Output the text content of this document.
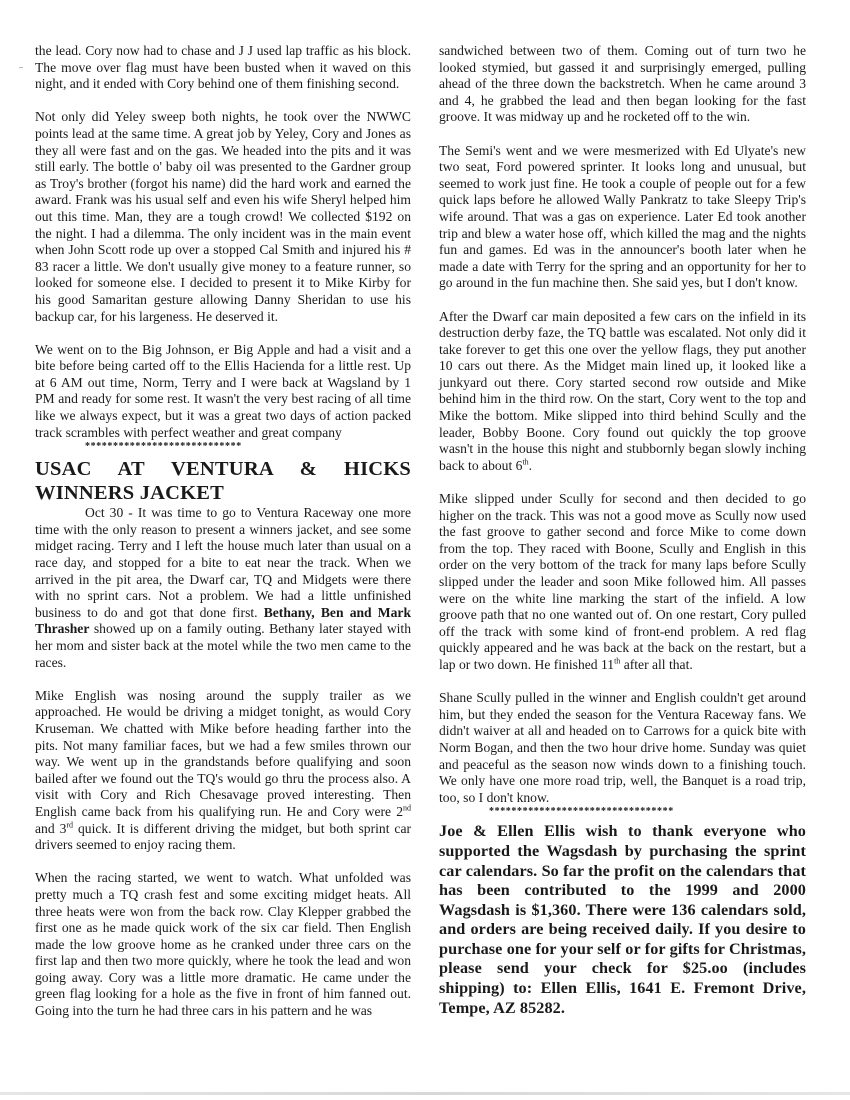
the lead. Cory now had to chase and J J used lap traffic as his block. The move over flag must have been busted when it waved on this night, and it ended with Cory behind one of them finishing second.

Not only did Yeley sweep both nights, he took over the NWWC points lead at the same time. A great job by Yeley, Cory and Jones as they all were fast and on the gas. We headed into the pits and it was still early. The bottle o' baby oil was presented to the Gardner group as Troy's brother (forgot his name) did the hard work and earned the award. Frank was his usual self and even his wife Sheryl helped him out this time. Man, they are a tough crowd! We collected $192 on the night. I had a dilemma. The only incident was in the main event when John Scott rode up over a stopped Cal Smith and injured his # 83 racer a little. We don't usually give money to a feature runner, so looked for someone else. I decided to present it to Mike Kirby for his good Samaritan gesture allowing Danny Sheridan to use his backup car, for his largeness. He deserved it.

We went on to the Big Johnson, er Big Apple and had a visit and a bite before being carted off to the Ellis Hacienda for a little rest. Up at 6 AM out time, Norm, Terry and I were back at Wagsland by 1 PM and ready for some rest. It wasn't the very best racing of all time like we always expect, but it was a great two days of action packed track scrambles with perfect weather and great company

****************************
USAC AT VENTURA & HICKS WINNERS JACKET

Oct 30 - It was time to go to Ventura Raceway one more time with the only reason to present a winners jacket, and see some midget racing. Terry and I left the house much later than usual on a race day, and stopped for a bite to eat near the track. When we arrived in the pit area, the Dwarf car, TQ and Midgets were there with no sprint cars. Not a problem. We had a little unfinished business to do and got that done first. Bethany, Ben and Mark Thrasher showed up on a family outing. Bethany later stayed with her mom and sister back at the motel while the two men came to the races.

Mike English was nosing around the supply trailer as we approached. He would be driving a midget tonight, as would Cory Kruseman. We chatted with Mike before heading farther into the pits. Not many familiar faces, but we had a few smiles thrown our way. We went up in the grandstands before qualifying and soon bailed after we found out the TQ's would go thru the process also. A visit with Cory and Rich Chesavage proved interesting. Then English came back from his qualifying run. He and Cory were 2nd and 3rd quick. It is different driving the midget, but both sprint car drivers seemed to enjoy racing them.

When the racing started, we went to watch. What unfolded was pretty much a TQ crash fest and some exciting midget heats. All three heats were won from the back row. Clay Klepper grabbed the first one as he made quick work of the six car field. Then English made the low groove home as he cranked under three cars on the first lap and then two more quickly, where he took the lead and won going away. Cory was a little more dramatic. He came under the green flag looking for a hole as the five in front of him fanned out. Going into the turn he had three cars in his pattern and he was

sandwiched between two of them. Coming out of turn two he looked stymied, but gassed it and surprisingly emerged, pulling ahead of the three down the backstretch. When he came around 3 and 4, he grabbed the lead and then began looking for the fast groove. It was midway up and he rocketed off to the win.

The Semi's went and we were mesmerized with Ed Ulyate's new two seat, Ford powered sprinter. It looks long and unusual, but seemed to work just fine. He took a couple of people out for a few quick laps before he allowed Wally Pankratz to take Sleepy Trip's wife around. That was a gas on experience. Later Ed took another trip and blew a water hose off, which killed the mag and the nights fun and games. Ed was in the announcer's booth later when he made a date with Terry for the spring and an opportunity for her to go around in the fun machine then. She said yes, but I don't know.

After the Dwarf car main deposited a few cars on the infield in its destruction derby faze, the TQ battle was escalated. Not only did it take forever to get this one over the yellow flags, they put another 10 cars out there. As the Midget main lined up, it looked like a junkyard out there. Cory started second row outside and Mike behind him in the third row. On the start, Cory went to the top and Mike the bottom. Mike slipped into third behind Scully and the leader, Bobby Boone. Cory found out quickly the top groove wasn't in the house this night and stubbornly began slowly inching back to about 6th.

Mike slipped under Scully for second and then decided to go higher on the track. This was not a good move as Scully now used the fast groove to gather second and force Mike to come down from the top. They raced with Boone, Scully and English in this order on the very bottom of the track for many laps before Scully slipped under the leader and soon Mike followed him. All passes were on the white line marking the start of the infield. A low groove path that no one wanted out of. On one restart, Cory pulled off the track with some kind of front-end problem. A red flag quickly appeared and he was back at the back on the restart, but a lap or two down. He finished 11th after all that.

Shane Scully pulled in the winner and English couldn't get around him, but they ended the season for the Ventura Raceway fans. We didn't waiver at all and headed on to Carrows for a quick bite with Norm Bogan, and then the two hour drive home. Sunday was quiet and peaceful as the season now winds down to a finishing touch. We only have one more road trip, well, the Banquet is a road trip, too, so I don't know.

*********************************
Joe & Ellen Ellis wish to thank everyone who supported the Wagsdash by purchasing the sprint car calendars. So far the profit on the calendars that has been contributed to the 1999 and 2000 Wagsdash is $1,360. There were 136 calendars sold, and orders are being received daily. If you desire to purchase one for your self or for gifts for Christmas, please send your check for $25.oo (includes shipping) to: Ellen Ellis, 1641 E. Fremont Drive, Tempe, AZ 85282.
